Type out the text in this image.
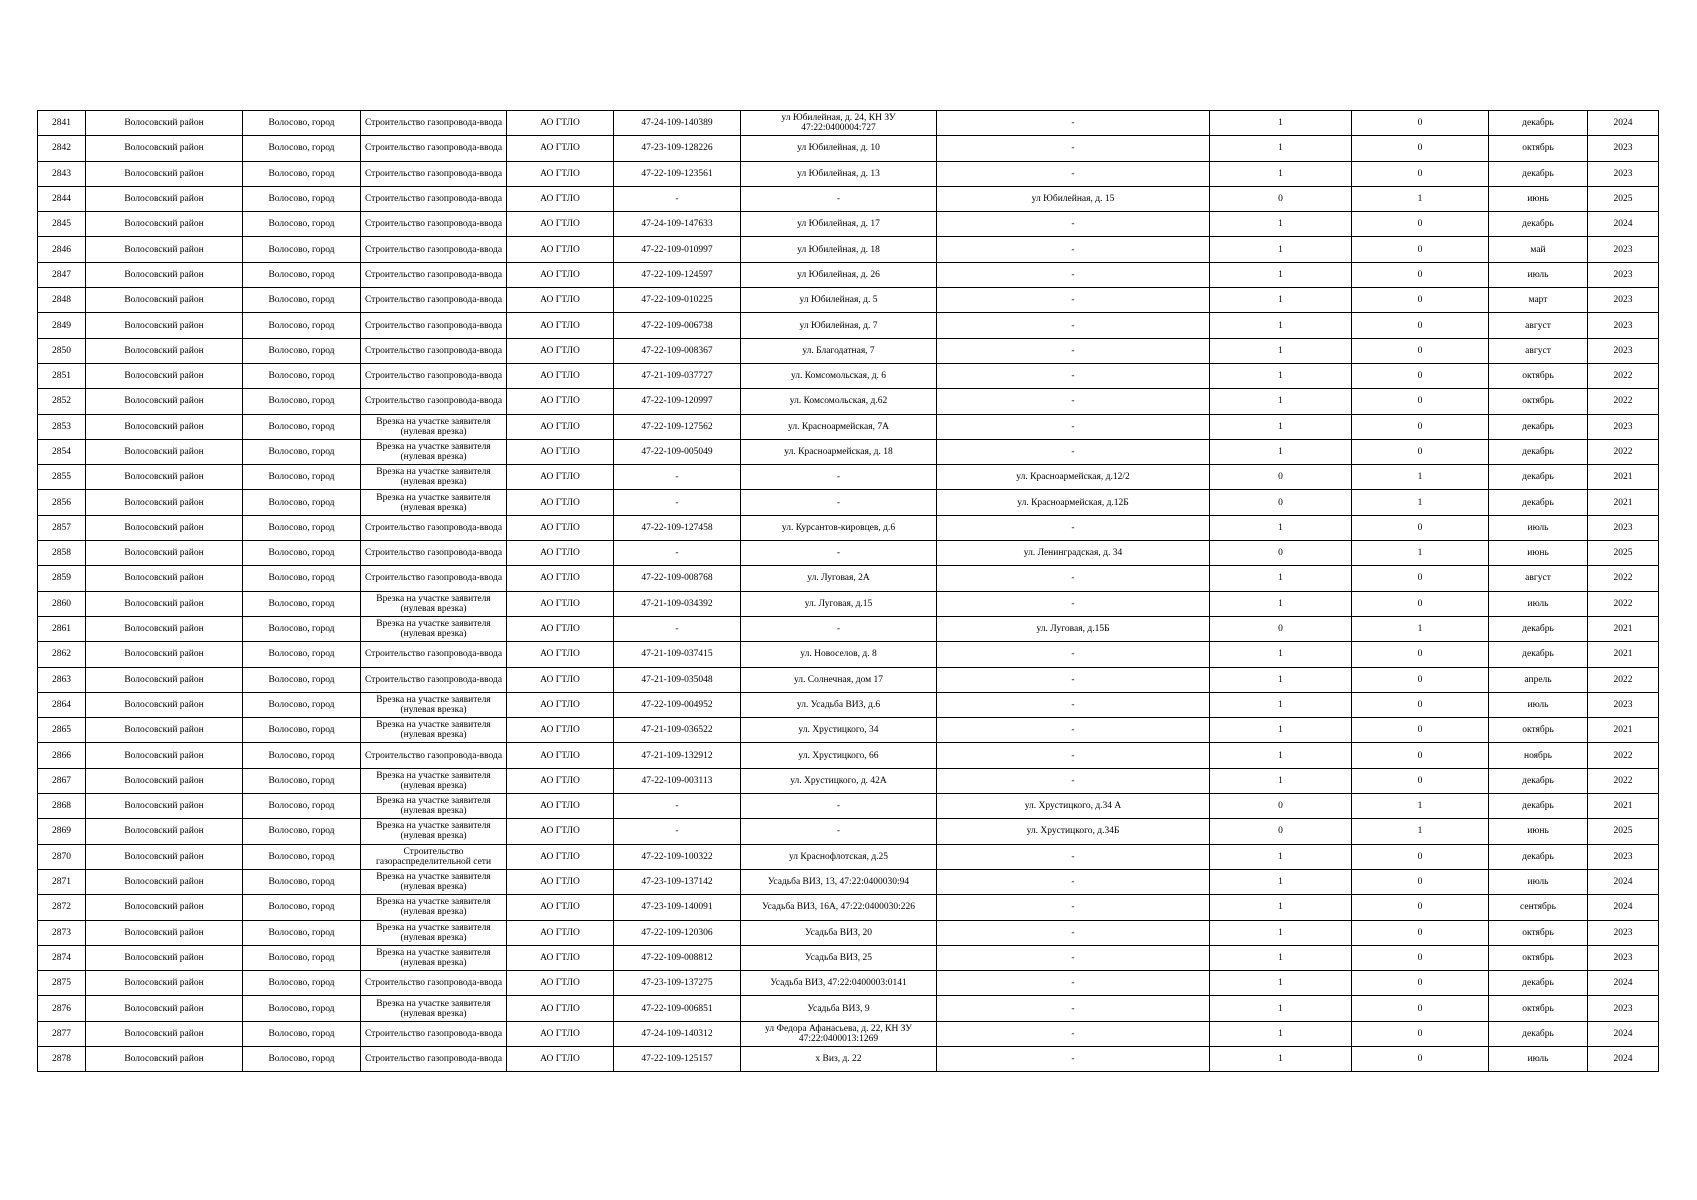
2841	Волосовский район	Волосово, город	Строительство газопровода-ввода	АО ГТЛО	47-24-109-140389	ул Юбилейная, д. 24, КН ЗУ 47:22:0400004:727	-	1	0	декабрь	2024
2842	Волосовский район	Волосово, город	Строительство газопровода-ввода	АО ГТЛО	47-23-109-128226	ул Юбилейная, д. 10	-	1	0	октябрь	2023
2843	Волосовский район	Волосово, город	Строительство газопровода-ввода	АО ГТЛО	47-22-109-123561	ул Юбилейная, д. 13	-	1	0	декабрь	2023
2844	Волосовский район	Волосово, город	Строительство газопровода-ввода	АО ГТЛО	-	-	ул Юбилейная, д. 15	0	1	июнь	2025
2845	Волосовский район	Волосово, город	Строительство газопровода-ввода	АО ГТЛО	47-24-109-147633	ул Юбилейная, д. 17	-	1	0	декабрь	2024
2846	Волосовский район	Волосово, город	Строительство газопровода-ввода	АО ГТЛО	47-22-109-010997	ул Юбилейная, д. 18	-	1	0	май	2023
2847	Волосовский район	Волосово, город	Строительство газопровода-ввода	АО ГТЛО	47-22-109-124597	ул Юбилейная, д. 26	-	1	0	июль	2023
2848	Волосовский район	Волосово, город	Строительство газопровода-ввода	АО ГТЛО	47-22-109-010225	ул Юбилейная, д. 5	-	1	0	март	2023
2849	Волосовский район	Волосово, город	Строительство газопровода-ввода	АО ГТЛО	47-22-109-006738	ул Юбилейная, д. 7	-	1	0	август	2023
2850	Волосовский район	Волосово, город	Строительство газопровода-ввода	АО ГТЛО	47-22-109-008367	ул. Благодатная, 7	-	1	0	август	2023
2851	Волосовский район	Волосово, город	Строительство газопровода-ввода	АО ГТЛО	47-21-109-037727	ул. Комсомольская, д. 6	-	1	0	октябрь	2022
2852	Волосовский район	Волосово, город	Строительство газопровода-ввода	АО ГТЛО	47-22-109-120997	ул. Комсомольская, д.62	-	1	0	октябрь	2022
2853	Волосовский район	Волосово, город	Врезка на участке заявителя (нулевая врезка)	АО ГТЛО	47-22-109-127562	ул. Красноармейская, 7А	-	1	0	декабрь	2023
2854	Волосовский район	Волосово, город	Врезка на участке заявителя (нулевая врезка)	АО ГТЛО	47-22-109-005049	ул. Красноармейская, д. 18	-	1	0	декабрь	2022
2855	Волосовский район	Волосово, город	Врезка на участке заявителя (нулевая врезка)	АО ГТЛО	-	-	ул. Красноармейская, д.12/2	0	1	декабрь	2021
2856	Волосовский район	Волосово, город	Врезка на участке заявителя (нулевая врезка)	АО ГТЛО	-	-	ул. Красноармейская, д.12Б	0	1	декабрь	2021
2857	Волосовский район	Волосово, город	Строительство газопровода-ввода	АО ГТЛО	47-22-109-127458	ул. Курсантов-кировцев, д.6	-	1	0	июль	2023
2858	Волосовский район	Волосово, город	Строительство газопровода-ввода	АО ГТЛО	-	-	ул. Ленинградская, д. 34	0	1	июнь	2025
2859	Волосовский район	Волосово, город	Строительство газопровода-ввода	АО ГТЛО	47-22-109-008768	ул. Луговая, 2А	-	1	0	август	2022
2860	Волосовский район	Волосово, город	Врезка на участке заявителя (нулевая врезка)	АО ГТЛО	47-21-109-034392	ул. Луговая, д.15	-	1	0	июль	2022
2861	Волосовский район	Волосово, город	Врезка на участке заявителя (нулевая врезка)	АО ГТЛО	-	-	ул. Луговая, д.15Б	0	1	декабрь	2021
2862	Волосовский район	Волосово, город	Строительство газопровода-ввода	АО ГТЛО	47-21-109-037415	ул. Новоселов, д. 8	-	1	0	декабрь	2021
2863	Волосовский район	Волосово, город	Строительство газопровода-ввода	АО ГТЛО	47-21-109-035048	ул. Солнечная, дом 17	-	1	0	апрель	2022
2864	Волосовский район	Волосово, город	Врезка на участке заявителя (нулевая врезка)	АО ГТЛО	47-22-109-004952	ул. Усадьба ВИЗ, д.6	-	1	0	июль	2023
2865	Волосовский район	Волосово, город	Врезка на участке заявителя (нулевая врезка)	АО ГТЛО	47-21-109-036522	ул. Хрустицкого, 34	-	1	0	октябрь	2021
2866	Волосовский район	Волосово, город	Строительство газопровода-ввода	АО ГТЛО	47-21-109-132912	ул. Хрустицкого, 66	-	1	0	ноябрь	2022
2867	Волосовский район	Волосово, город	Врезка на участке заявителя (нулевая врезка)	АО ГТЛО	47-22-109-003113	ул. Хрустицкого, д. 42А	-	1	0	декабрь	2022
2868	Волосовский район	Волосово, город	Врезка на участке заявителя (нулевая врезка)	АО ГТЛО	-	-	ул. Хрустицкого, д.34 А	0	1	декабрь	2021
2869	Волосовский район	Волосово, город	Врезка на участке заявителя (нулевая врезка)	АО ГТЛО	-	-	ул. Хрустицкого, д.34Б	0	1	июнь	2025
2870	Волосовский район	Волосово, город	Строительство газораспределительной сети	АО ГТЛО	47-22-109-100322	ул Краснофлотская, д.25	-	1	0	декабрь	2023
2871	Волосовский район	Волосово, город	Врезка на участке заявителя (нулевая врезка)	АО ГТЛО	47-23-109-137142	Усадьба ВИЗ, 13, 47:22:0400030:94	-	1	0	июль	2024
2872	Волосовский район	Волосово, город	Врезка на участке заявителя (нулевая врезка)	АО ГТЛО	47-23-109-140091	Усадьба ВИЗ, 16А, 47:22:0400030:226	-	1	0	сентябрь	2024
2873	Волосовский район	Волосово, город	Врезка на участке заявителя (нулевая врезка)	АО ГТЛО	47-22-109-120306	Усадьба ВИЗ, 20	-	1	0	октябрь	2023
2874	Волосовский район	Волосово, город	Врезка на участке заявителя (нулевая врезка)	АО ГТЛО	47-22-109-008812	Усадьба ВИЗ, 25	-	1	0	октябрь	2023
2875	Волосовский район	Волосово, город	Строительство газопровода-ввода	АО ГТЛО	47-23-109-137275	Усадьба ВИЗ, 47:22:0400003:0141	-	1	0	декабрь	2024
2876	Волосовский район	Волосово, город	Врезка на участке заявителя (нулевая врезка)	АО ГТЛО	47-22-109-006851	Усадьба ВИЗ, 9	-	1	0	октябрь	2023
2877	Волосовский район	Волосово, город	Строительство газопровода-ввода	АО ГТЛО	47-24-109-140312	ул Федора Афанасьева, д. 22, КН ЗУ 47:22:0400013:1269	-	1	0	декабрь	2024
2878	Волосовский район	Волосово, город	Строительство газопровода-ввода	АО ГТЛО	47-22-109-125157	х Виз, д. 22	-	1	0	июль	2024
